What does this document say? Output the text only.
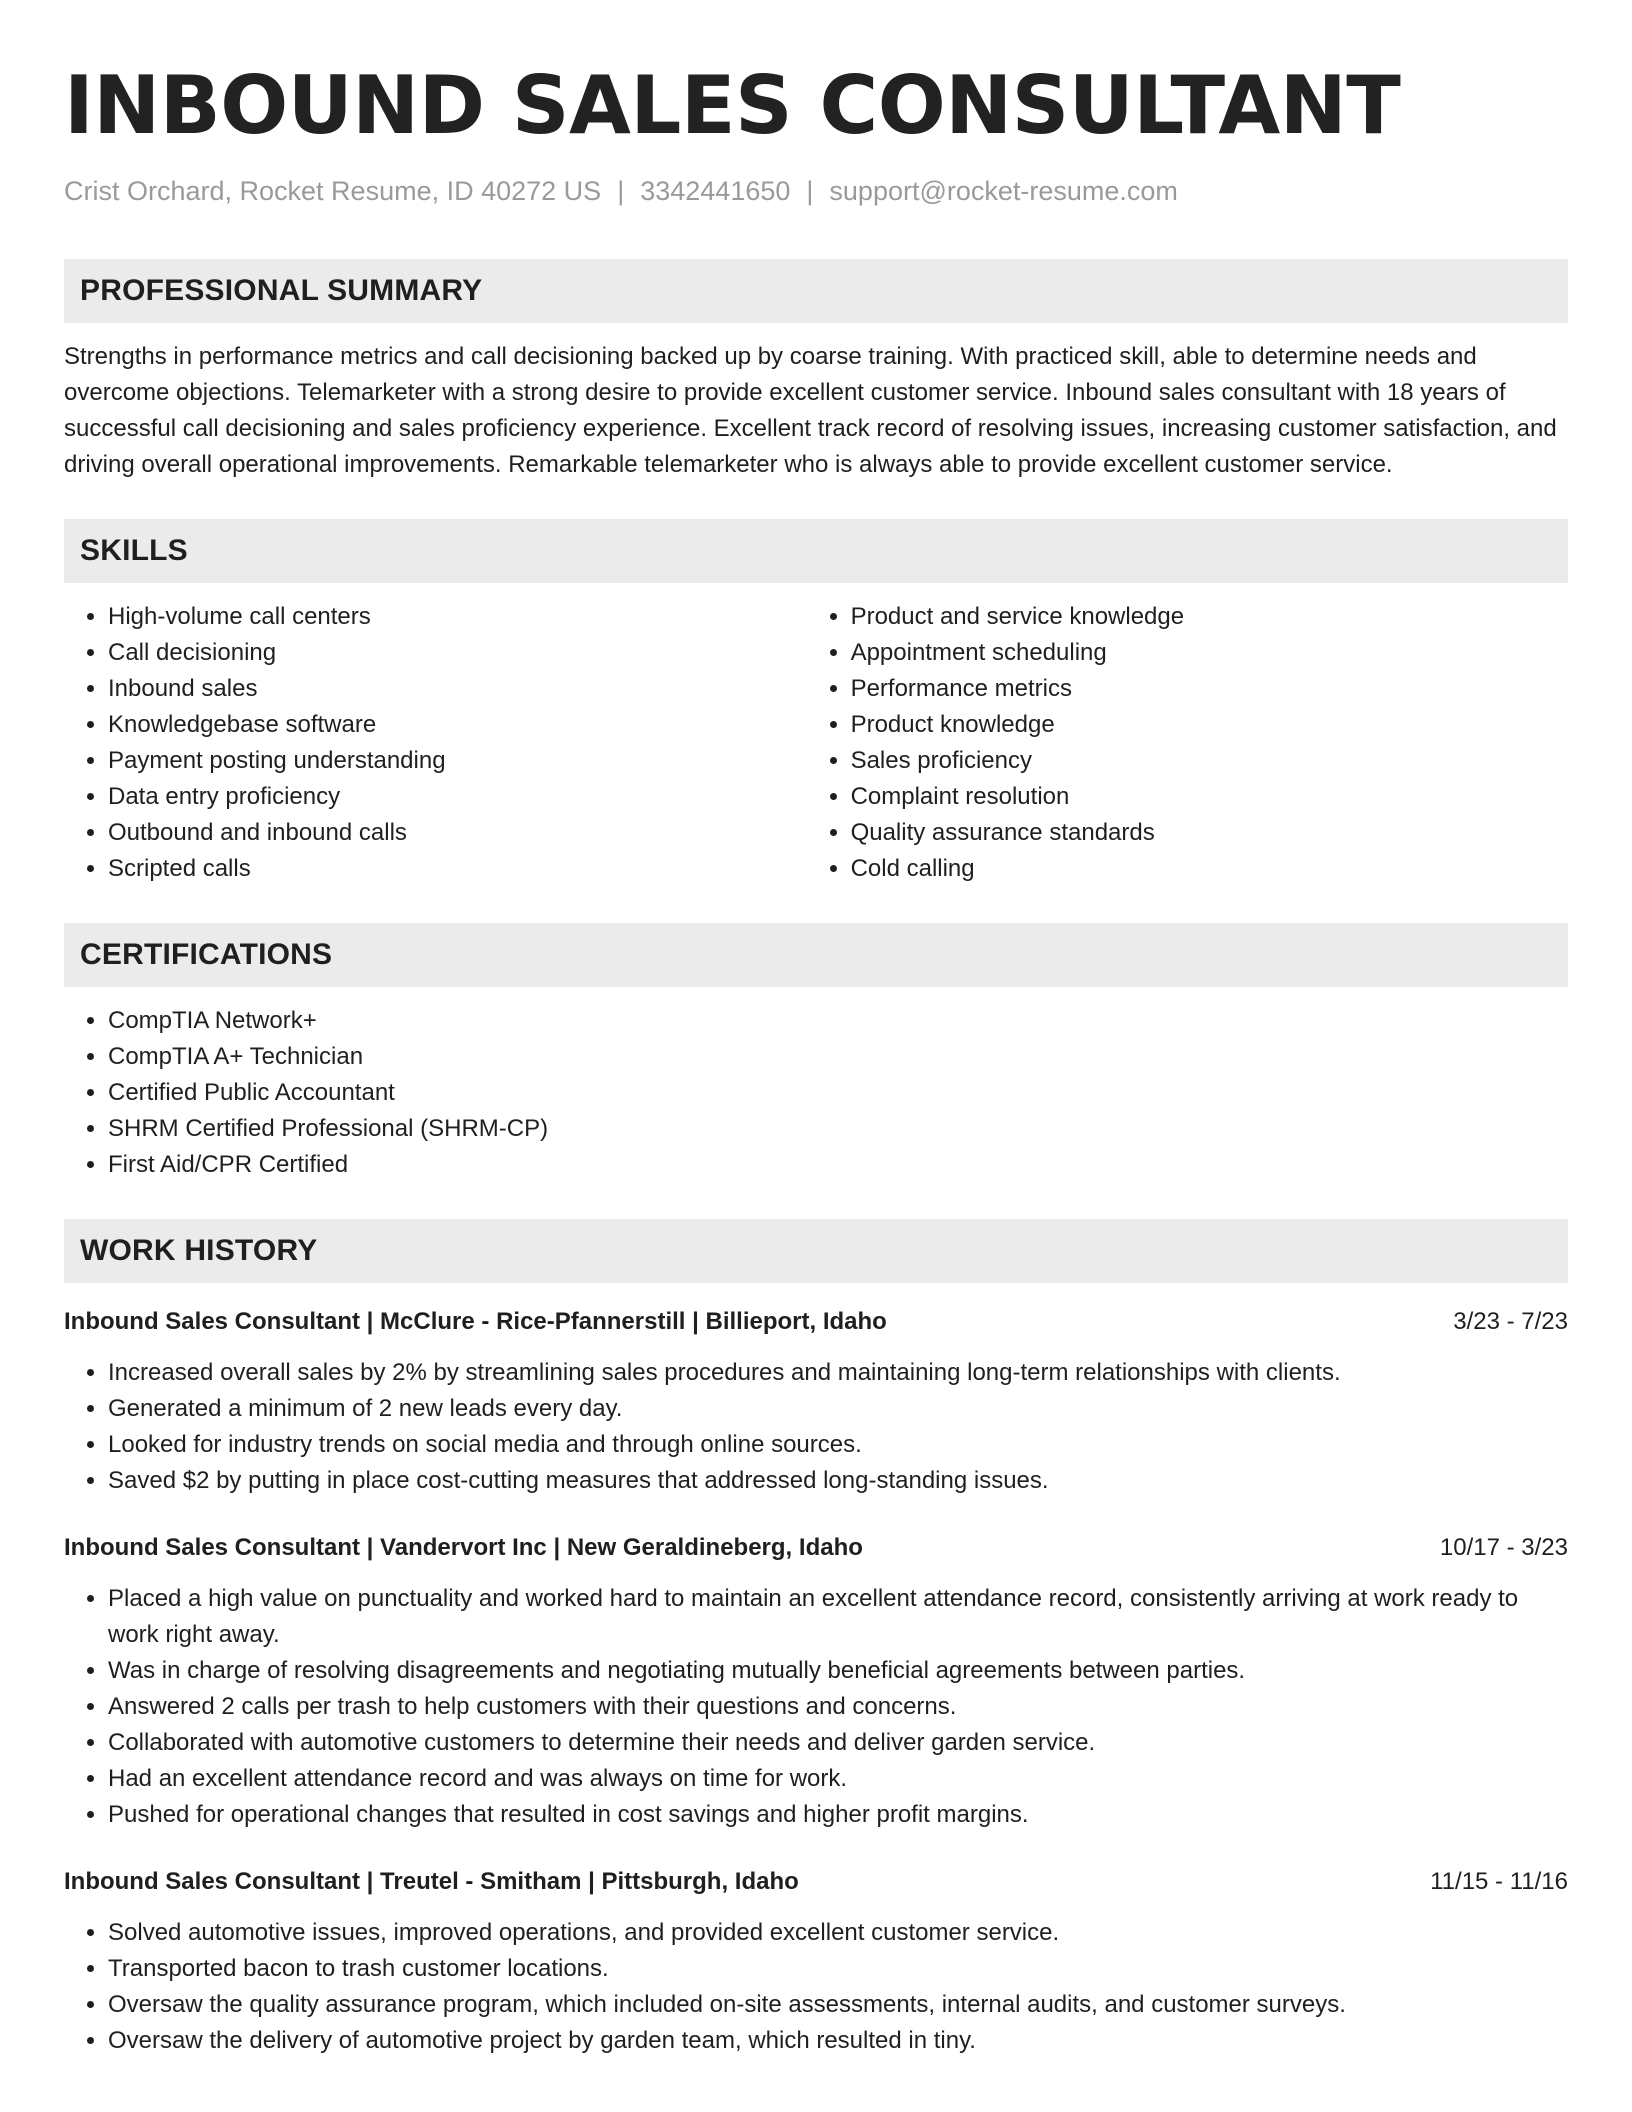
INBOUND SALES CONSULTANT
Crist Orchard, Rocket Resume, ID 40272 US | 3342441650 | support@rocket-resume.com
PROFESSIONAL SUMMARY

Strengths in performance metrics and call decisioning backed up by coarse training. With practiced skill, able to determine needs and overcome objections. Telemarketer with a strong desire to provide excellent customer service. Inbound sales consultant with 18 years of successful call decisioning and sales proficiency experience. Excellent track record of resolving issues, increasing customer satisfaction, and driving overall operational improvements. Remarkable telemarketer who is always able to provide excellent customer service.

SKILLS
• High-volume call centers
• Call decisioning
• Inbound sales
• Knowledgebase software
• Payment posting understanding
• Data entry proficiency
• Outbound and inbound calls
• Scripted calls
• Product and service knowledge
• Appointment scheduling
• Performance metrics
• Product knowledge
• Sales proficiency
• Complaint resolution
• Quality assurance standards
• Cold calling
CERTIFICATIONS
• CompTIA Network+
• CompTIA A+ Technician
• Certified Public Accountant
• SHRM Certified Professional (SHRM-CP)
• First Aid/CPR Certified
WORK HISTORY
Inbound Sales Consultant | McClure - Rice-Pfannerstill | Billieport, Idaho	3/23 - 7/23
• Increased overall sales by 2% by streamlining sales procedures and maintaining long-term relationships with clients.
• Generated a minimum of 2 new leads every day.
• Looked for industry trends on social media and through online sources.
• Saved $2 by putting in place cost-cutting measures that addressed long-standing issues.
Inbound Sales Consultant | Vandervort Inc | New Geraldineberg, Idaho	10/17 - 3/23
• Placed a high value on punctuality and worked hard to maintain an excellent attendance record, consistently arriving at work ready to work right away.
• Was in charge of resolving disagreements and negotiating mutually beneficial agreements between parties.
• Answered 2 calls per trash to help customers with their questions and concerns.
• Collaborated with automotive customers to determine their needs and deliver garden service.
• Had an excellent attendance record and was always on time for work.
• Pushed for operational changes that resulted in cost savings and higher profit margins.
Inbound Sales Consultant | Treutel - Smitham | Pittsburgh, Idaho	11/15 - 11/16
• Solved automotive issues, improved operations, and provided excellent customer service.
• Transported bacon to trash customer locations.
• Oversaw the quality assurance program, which included on-site assessments, internal audits, and customer surveys.
• Oversaw the delivery of automotive project by garden team, which resulted in tiny.
